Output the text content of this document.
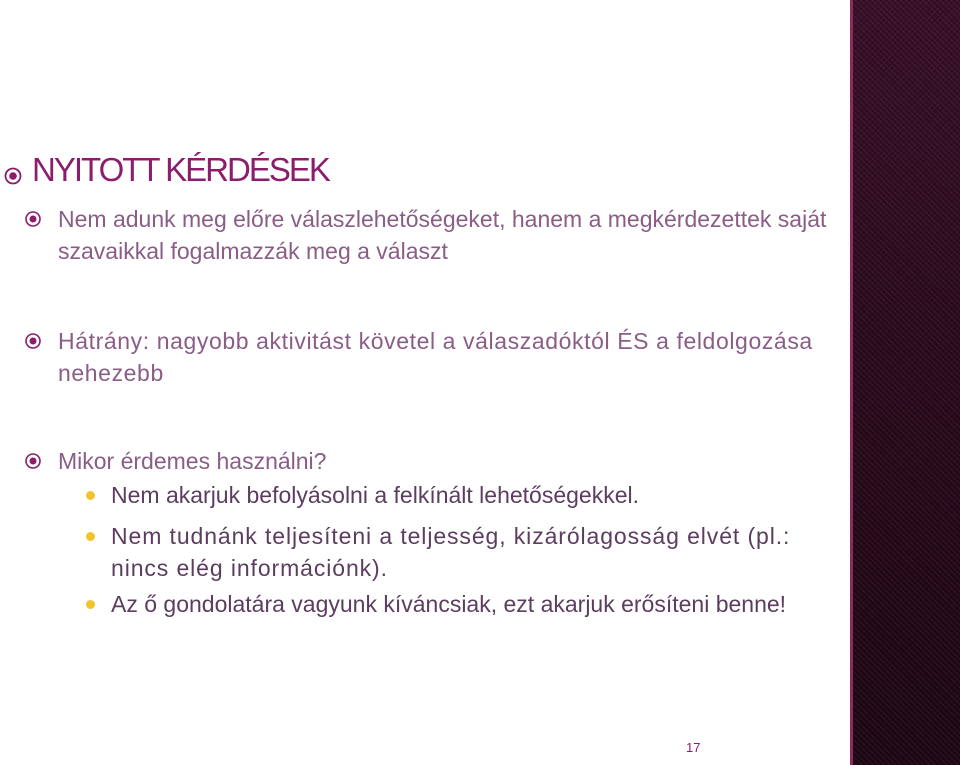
NYITOTT KÉRDÉSEK

Nem adunk meg előre válaszlehetőségeket, hanem a megkérdezettek saját szavaikkal fogalmazzák meg a választ

Hátrány: nagyobb aktivitást követel a válaszadóktól ÉS a feldolgozása nehezebb

Mikor érdemes használni?

Nem akarjuk befolyásolni a felkínált lehetőségekkel.

Nem tudnánk teljesíteni a teljesség, kizárólagosság elvét (pl.: nincs elég információnk).

Az ő gondolatára vagyunk kíváncsiak, ezt akarjuk erősíteni benne!

17
